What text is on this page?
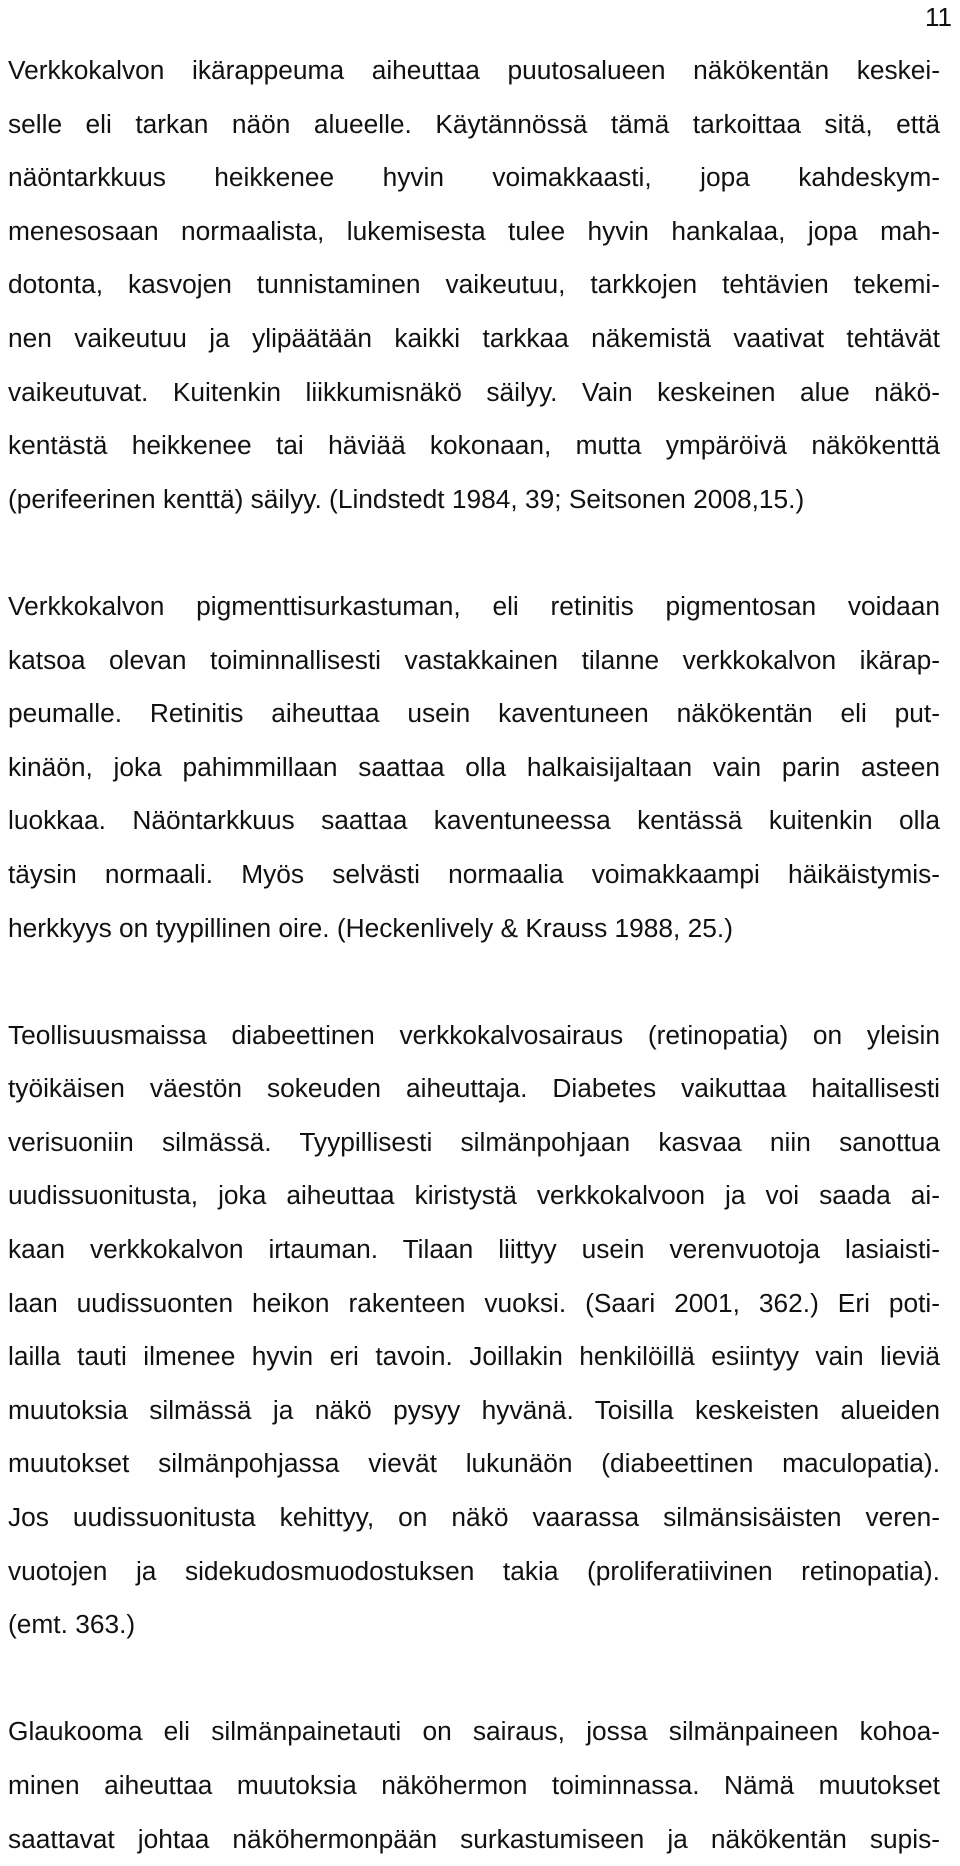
11
Verkkokalvon ikärappeuma aiheuttaa puutosalueen näkökentän keskei-
selle eli tarkan näön alueelle. Käytännössä tämä tarkoittaa sitä, että
näöntarkkuus heikkenee hyvin voimakkaasti, jopa kahdeskym-
menesosaan normaalista, lukemisesta tulee hyvin hankalaa, jopa mah-
dotonta, kasvojen tunnistaminen vaikeutuu, tarkkojen tehtävien tekemi-
nen vaikeutuu ja ylipäätään kaikki tarkkaa näkemistä vaativat tehtävät
vaikeutuvat. Kuitenkin liikkumisnäkö säilyy. Vain keskeinen alue näkö-
kentästä heikkenee tai häviää kokonaan, mutta ympäröivä näkökenttä
(perifeerinen kenttä) säilyy. (Lindstedt 1984, 39; Seitsonen 2008,15.)
Verkkokalvon pigmenttisurkastuman, eli retinitis pigmentosan voidaan
katsoa olevan toiminnallisesti vastakkainen tilanne verkkokalvon ikärap-
peumalle. Retinitis aiheuttaa usein kaventuneen näkökentän eli put-
kinäön, joka pahimmillaan saattaa olla halkaisijaltaan vain parin asteen
luokkaa. Näöntarkkuus saattaa kaventuneessa kentässä kuitenkin olla
täysin normaali. Myös selvästi normaalia voimakkaampi häikäistymis-
herkkyys on tyypillinen oire. (Heckenlively & Krauss 1988, 25.)
Teollisuusmaissa diabeettinen verkkokalvosairaus (retinopatia) on yleisin
työikäisen väestön sokeuden aiheuttaja. Diabetes vaikuttaa haitallisesti
verisuoniin silmässä. Tyypillisesti silmänpohjaan kasvaa niin sanottua
uudissuonitusta, joka aiheuttaa kiristystä verkkokalvoon ja voi saada ai-
kaan verkkokalvon irtauman. Tilaan liittyy usein verenvuotoja lasiaisti-
laan uudissuonten heikon rakenteen vuoksi. (Saari 2001, 362.) Eri poti-
lailla tauti ilmenee hyvin eri tavoin. Joillakin henkilöillä esiintyy vain lieviä
muutoksia silmässä ja näkö pysyy hyvänä. Toisilla keskeisten alueiden
muutokset silmänpohjassa vievät lukunäön (diabeettinen maculopatia).
Jos uudissuonitusta kehittyy, on näkö vaarassa silmänsisäisten veren-
vuotojen ja sidekudosmuodostuksen takia (proliferatiivinen retinopatia).
(emt. 363.)
Glaukooma eli silmänpainetauti on sairaus, jossa silmänpaineen kohoa-
minen aiheuttaa muutoksia näköhermon toiminnassa. Nämä muutokset
saattavat johtaa näköhermonpään surkastumiseen ja näkökentän supis-
